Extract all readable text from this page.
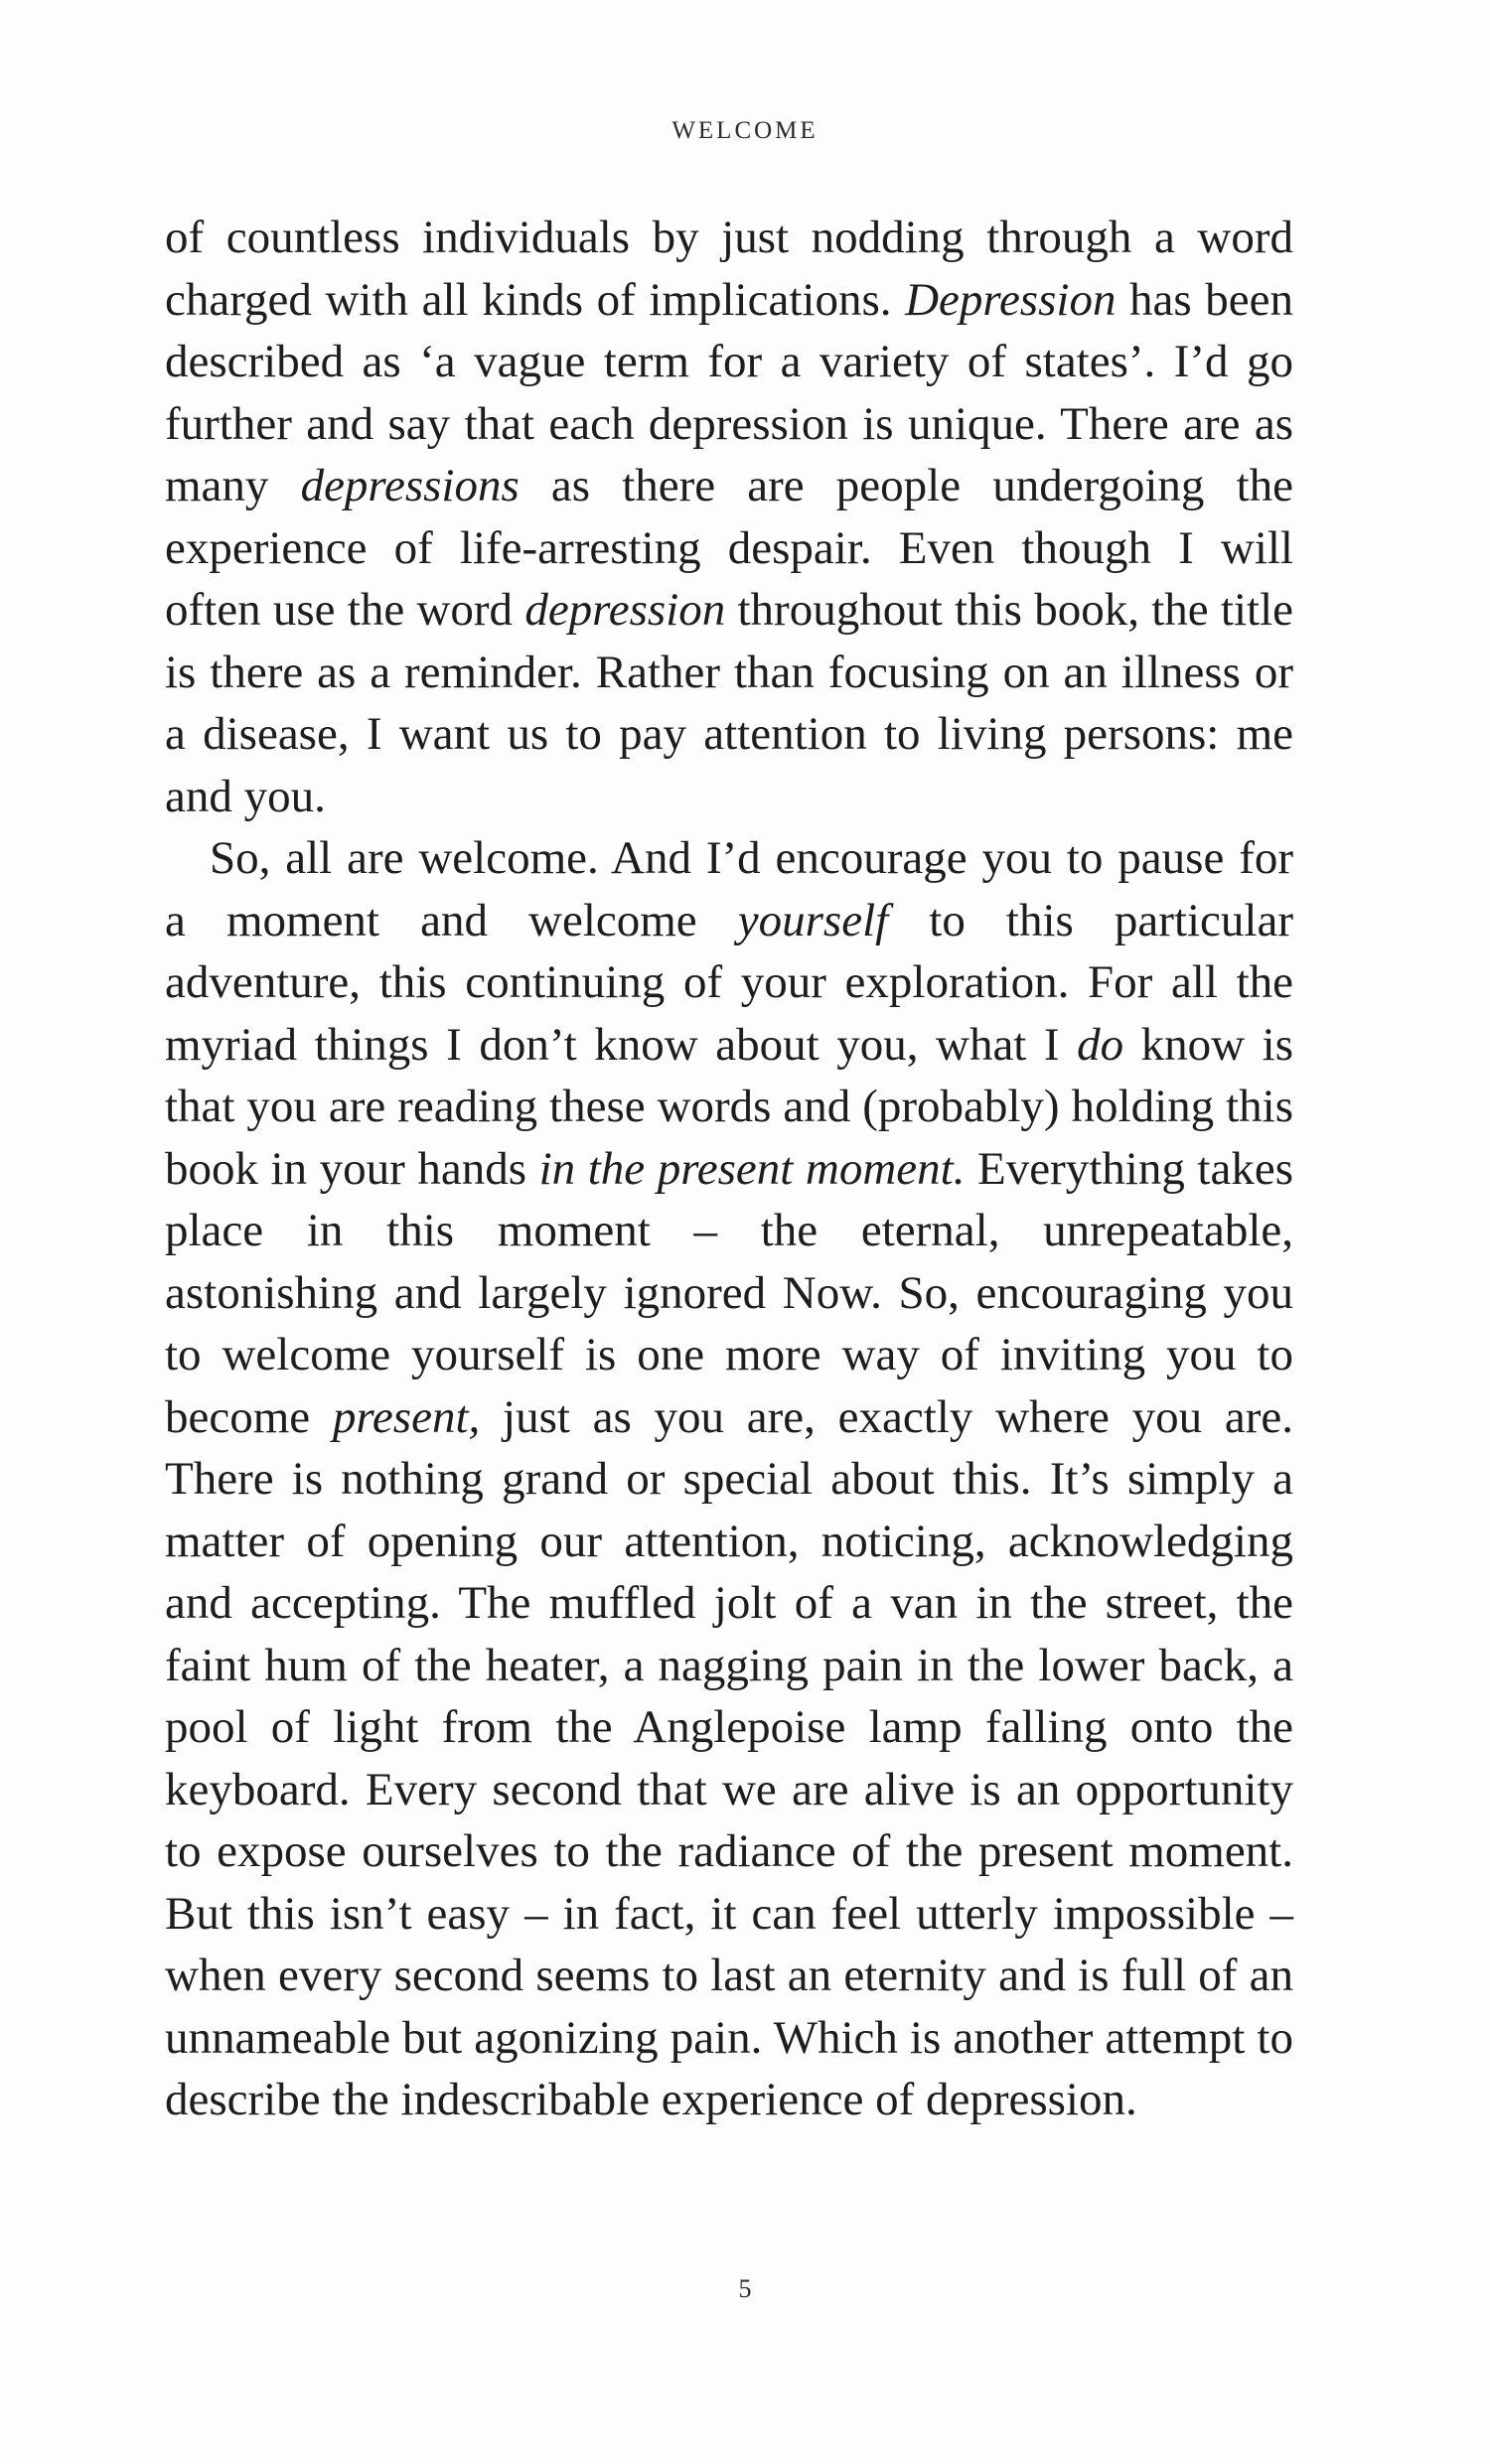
WELCOME

of countless individuals by just nodding through a word charged with all kinds of implications. Depression has been described as ‘a vague term for a variety of states’. I’d go further and say that each depression is unique. There are as many depressions as there are people undergoing the experience of life-arresting despair. Even though I will often use the word depression throughout this book, the title is there as a reminder. Rather than focusing on an illness or a disease, I want us to pay attention to living persons: me and you.

So, all are welcome. And I’d encourage you to pause for a moment and welcome yourself to this particular adventure, this continuing of your exploration. For all the myriad things I don’t know about you, what I do know is that you are reading these words and (probably) holding this book in your hands in the present moment. Everything takes place in this moment – the eternal, unrepeatable, astonishing and largely ignored Now. So, encouraging you to welcome yourself is one more way of inviting you to become present, just as you are, exactly where you are. There is nothing grand or special about this. It’s simply a matter of opening our attention, noticing, acknowledging and accepting. The muffled jolt of a van in the street, the faint hum of the heater, a nagging pain in the lower back, a pool of light from the Anglepoise lamp falling onto the keyboard. Every second that we are alive is an opportunity to expose ourselves to the radiance of the present moment. But this isn’t easy – in fact, it can feel utterly impossible – when every second seems to last an eternity and is full of an unnameable but agonizing pain. Which is another attempt to describe the indescribable experience of depression.

5
